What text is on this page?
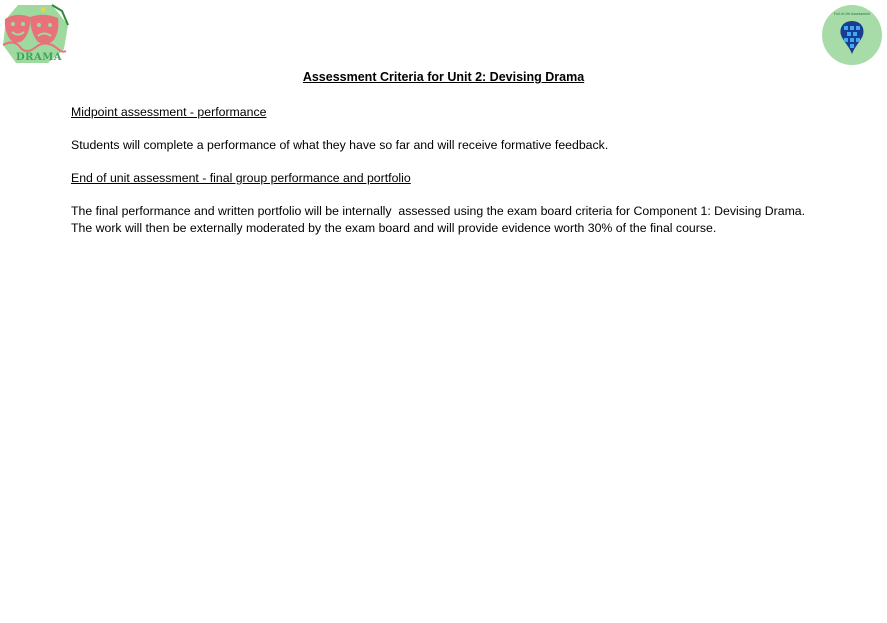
DRAMA
Full of Life Assessment
Assessment Criteria for Unit 2: Devising Drama

Midpoint assessment - performance

Students will complete a performance of what they have so far and will receive formative feedback.

End of unit assessment - final group performance and portfolio

The final performance and written portfolio will be internally  assessed using the exam board criteria for Component 1: Devising Drama. The work will then be externally moderated by the exam board and will provide evidence worth 30% of the final course.
